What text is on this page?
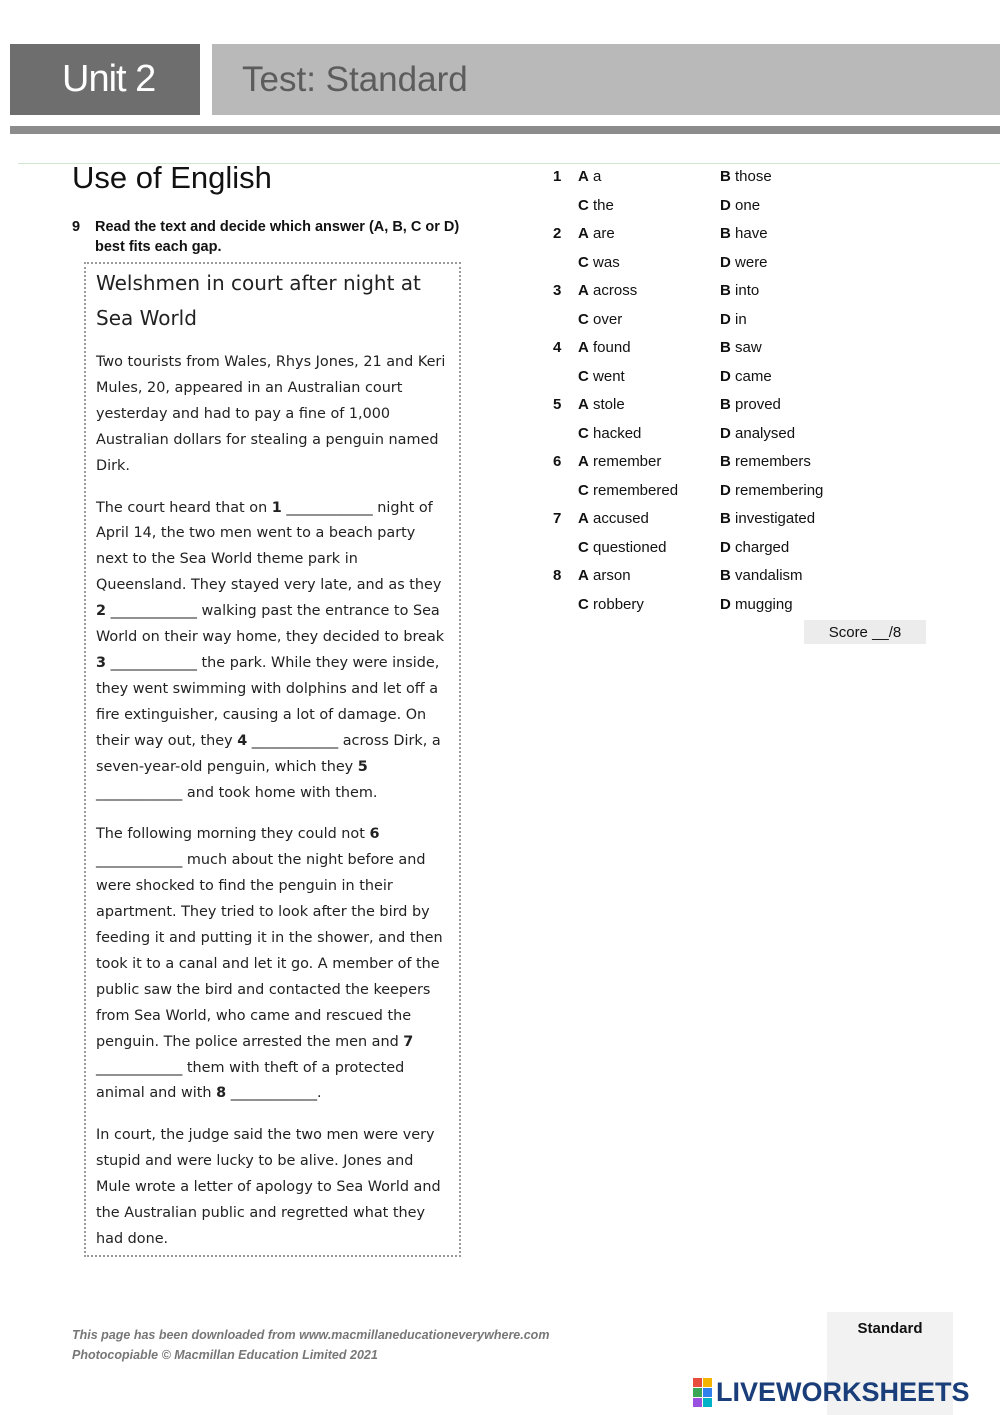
Unit 2	Test: Standard
Use of English
9	Read the text and decide which answer (A, B, C or D) best fits each gap.
Welshmen in court after night at Sea World

Two tourists from Wales, Rhys Jones, 21 and Keri Mules, 20, appeared in an Australian court yesterday and had to pay a fine of 1,000 Australian dollars for stealing a penguin named Dirk.

The court heard that on 1 ____________ night of April 14, the two men went to a beach party next to the Sea World theme park in Queensland. They stayed very late, and as they 2 ____________ walking past the entrance to Sea World on their way home, they decided to break 3 ____________ the park. While they were inside, they went swimming with dolphins and let off a fire extinguisher, causing a lot of damage. On their way out, they 4 ____________ across Dirk, a seven-year-old penguin, which they 5 ____________ and took home with them.

The following morning they could not 6 ____________ much about the night before and were shocked to find the penguin in their apartment. They tried to look after the bird by feeding it and putting it in the shower, and then took it to a canal and let it go. A member of the public saw the bird and contacted the keepers from Sea World, who came and rescued the penguin. The police arrested the men and 7 ____________ them with theft of a protected animal and with 8 ____________.

In court, the judge said the two men were very stupid and were lucky to be alive. Jones and Mule wrote a letter of apology to Sea World and the Australian public and regretted what they had done.

1 A a	B those
C the	D one
2 A are	B have
C was	D were
3 A across	B into
C over	D in
4 A found	B saw
C went	D came
5 A stole	B proved
C hacked	D analysed
6 A remember	B remembers
C remembered	D remembering
7 A accused	B investigated
C questioned	D charged
8 A arson	B vandalism
C robbery	D mugging
Score __/8
This page has been downloaded from www.macmillaneducationeverywhere.com
Photocopiable © Macmillan Education Limited 2021
Standard
LIVEWORKSHEETS
